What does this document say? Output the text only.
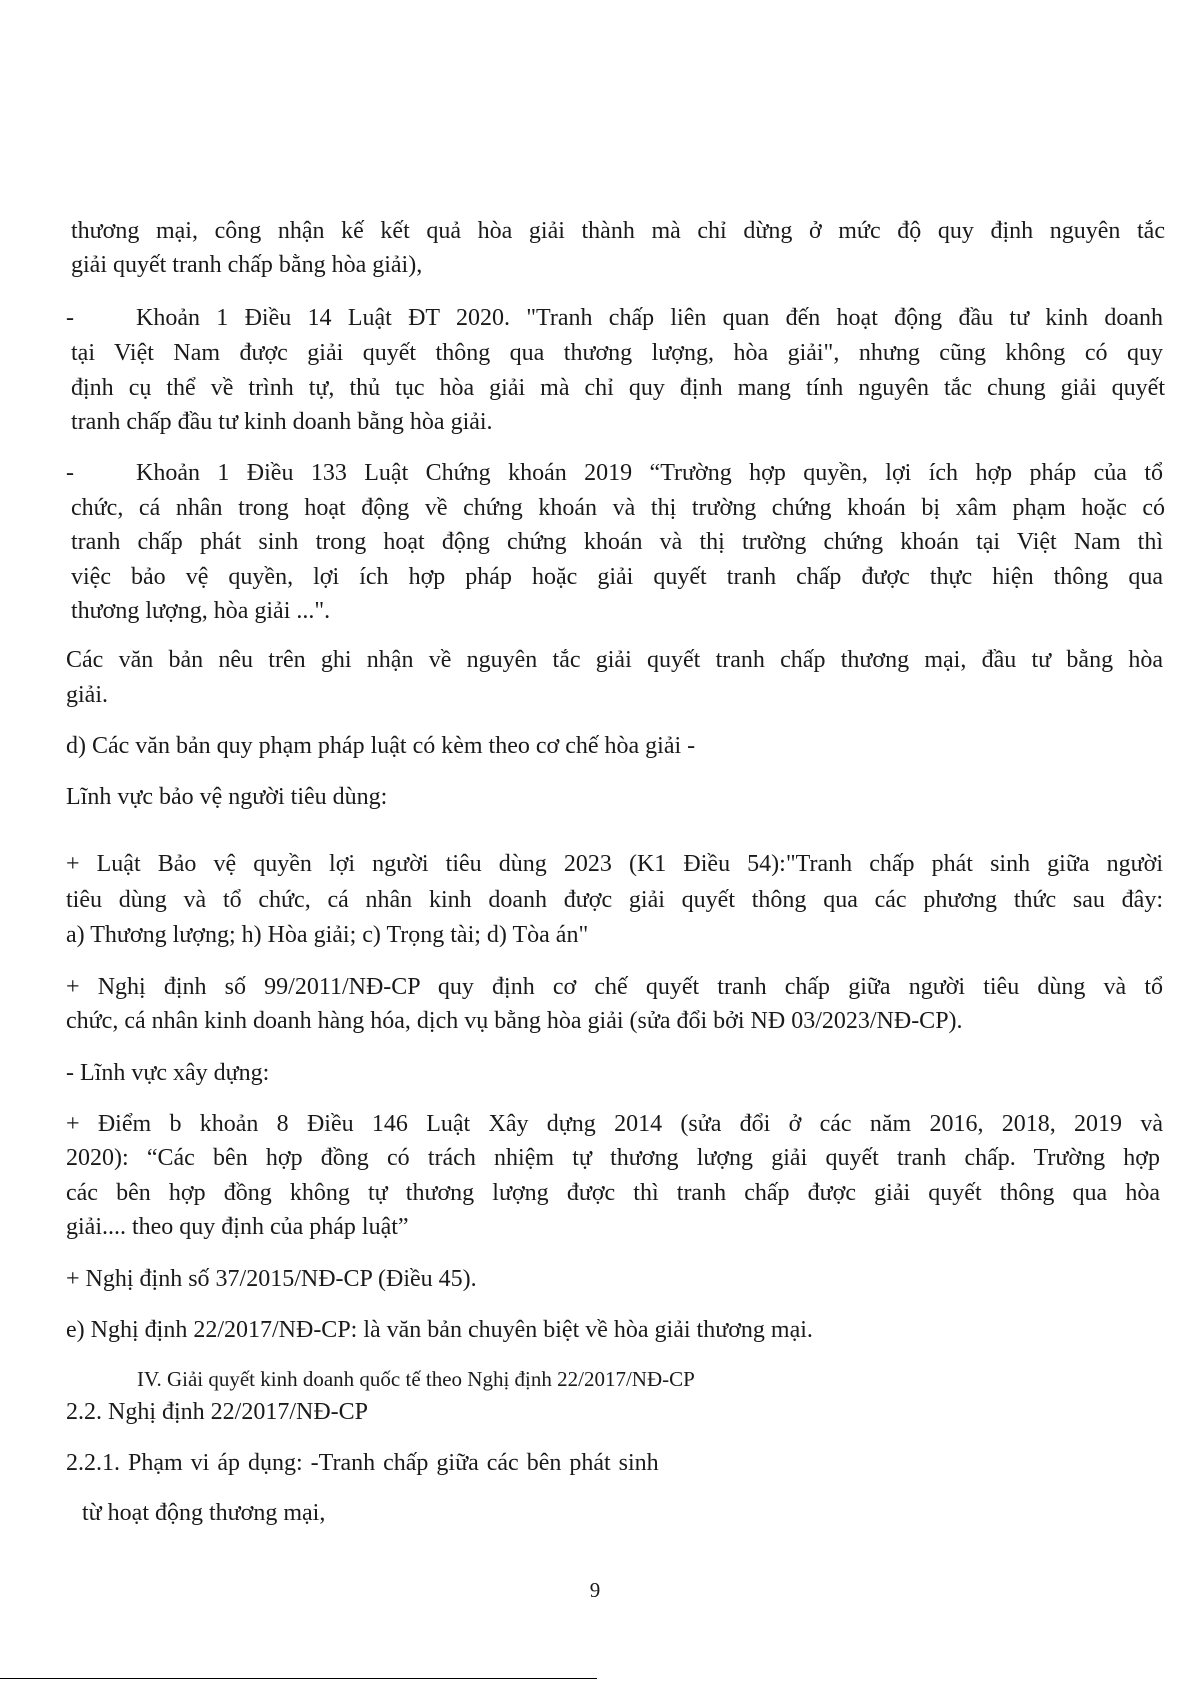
thương mại, công nhận kế kết quả hòa giải thành mà chỉ dừng ở mức độ quy định nguyên tắc

giải quyết tranh chấp bằng hòa giải),

-	Khoản 1 Điều 14 Luật ĐT 2020. "Tranh chấp liên quan đến hoạt động đầu tư kinh doanh

tại Việt Nam được giải quyết thông qua thương lượng, hòa giải", nhưng cũng không có quy

định cụ thể về trình tự, thủ tục hòa giải mà chỉ quy định mang tính nguyên tắc chung giải quyết

tranh chấp đầu tư kinh doanh bằng hòa giải.

-	Khoản 1 Điều 133 Luật Chứng khoán 2019 “Trường hợp quyền, lợi ích hợp pháp của tổ

chức, cá nhân trong hoạt động về chứng khoán và thị trường chứng khoán bị xâm phạm hoặc có

tranh chấp phát sinh trong hoạt động chứng khoán và thị trường chứng khoán tại Việt Nam thì

việc bảo vệ quyền, lợi ích hợp pháp hoặc giải quyết tranh chấp được thực hiện thông qua

thương lượng, hòa giải ...".

Các văn bản nêu trên ghi nhận về nguyên tắc giải quyết tranh chấp thương mại, đầu tư bằng hòa

giải.

d) Các văn bản quy phạm pháp luật có kèm theo cơ chế hòa giải -

Lĩnh vực bảo vệ người tiêu dùng:

+ Luật Bảo vệ quyền lợi người tiêu dùng 2023 (K1 Điều 54):"Tranh chấp phát sinh giữa người

tiêu dùng và tổ chức, cá nhân kinh doanh được giải quyết thông qua các phương thức sau đây:

a) Thương lượng; h) Hòa giải; c) Trọng tài; d) Tòa án"

+ Nghị định số 99/2011/NĐ-CP quy định cơ chế quyết tranh chấp giữa người tiêu dùng và tổ

chức, cá nhân kinh doanh hàng hóa, dịch vụ bằng hòa giải (sửa đổi bởi NĐ 03/2023/NĐ-CP).

- Lĩnh vực xây dựng:

+ Điểm b khoản 8 Điều 146 Luật Xây dựng 2014 (sửa đổi ở các năm 2016, 2018, 2019 và

2020): “Các bên hợp đồng có trách nhiệm tự thương lượng giải quyết tranh chấp. Trường hợp

các bên hợp đồng không tự thương lượng được thì tranh chấp được giải quyết thông qua hòa

giải.... theo quy định của pháp luật”

+ Nghị định số 37/2015/NĐ-CP (Điều 45).

e) Nghị định 22/2017/NĐ-CP: là văn bản chuyên biệt về hòa giải thương mại.

IV. Giải quyết kinh doanh quốc tế theo Nghị định 22/2017/NĐ-CP

2.2. Nghị định 22/2017/NĐ-CP

2.2.1. Phạm vi áp dụng: -Tranh chấp giữa các bên phát sinh

từ hoạt động thương mại,

9
